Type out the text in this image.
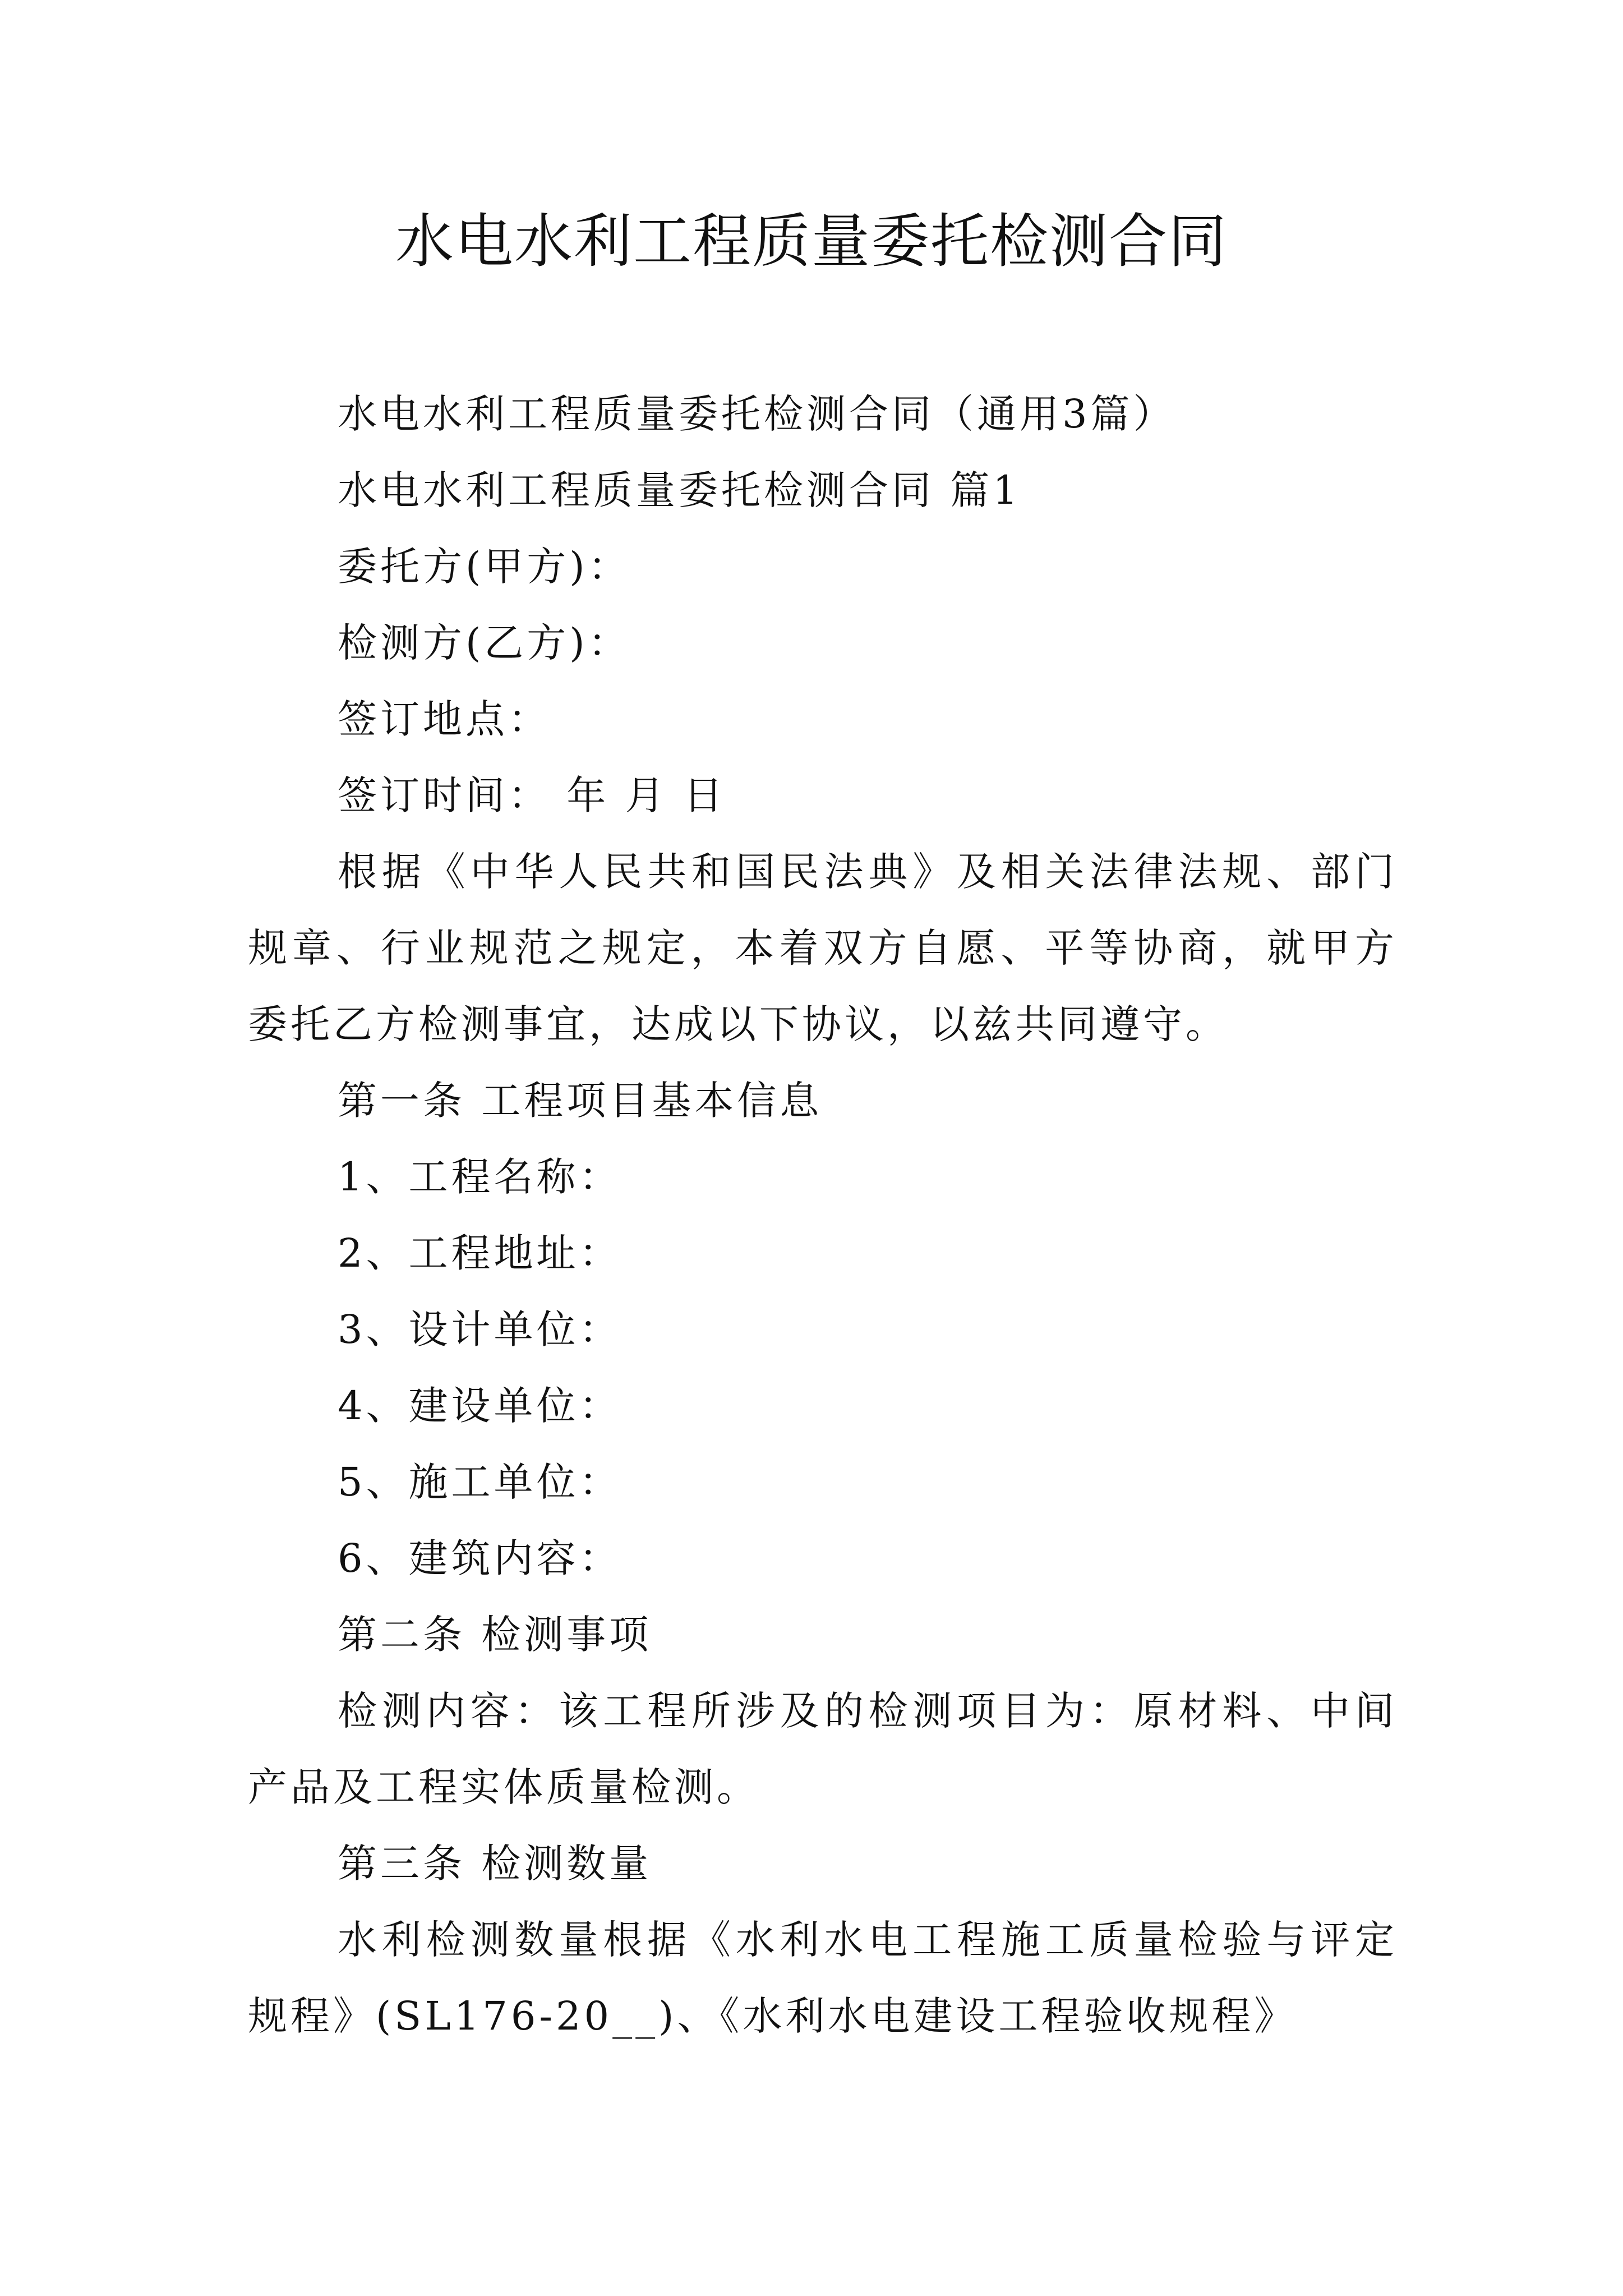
水电水利工程质量委托检测合同

水电水利工程质量委托检测合同（通用3篇）

水电水利工程质量委托检测合同 篇1

委托方(甲方)：

检测方(乙方)：

签订地点：

签订时间： 年 月 日

根据《中华人民共和国民法典》及相关法律法规、部门规章、行业规范之规定，本着双方自愿、平等协商，就甲方委托乙方检测事宜，达成以下协议，以兹共同遵守。

第一条 工程项目基本信息

1、工程名称：

2、工程地址：

3、设计单位：

4、建设单位：

5、施工单位：

6、建筑内容：

第二条 检测事项

检测内容：该工程所涉及的检测项目为：原材料、中间产品及工程实体质量检测。

第三条 检测数量

水利检测数量根据《水利水电工程施工质量检验与评定规程》(SL176-20__)、《水利水电建设工程验收规程》
